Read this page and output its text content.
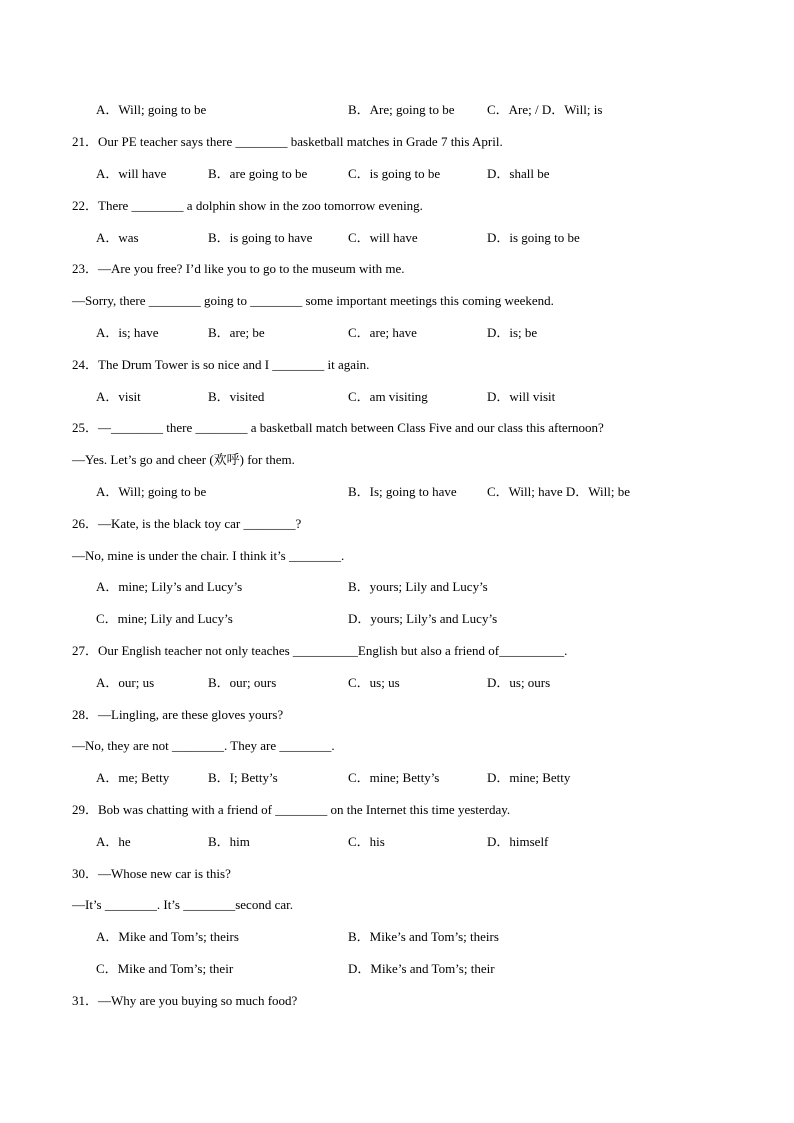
A．Will; going to be	B．Are; going to be C．Are; / D．Will; is
21．Our PE teacher says there ________ basketball matches in Grade 7 this April.
A．will have	B．are going to be	C．is going to be	D．shall be
22．There ________ a dolphin show in the zoo tomorrow evening.
A．was	B．is going to have	C．will have	D．is going to be
23．—Are you free? I’d like you to go to the museum with me.
—Sorry, there ________ going to ________ some important meetings this coming weekend.
A．is; have	B．are; be	C．are; have	D．is; be
24．The Drum Tower is so nice and I ________ it again.
A．visit	B．visited	C．am visiting	D．will visit
25．—________ there ________ a basketball match between Class Five and our class this afternoon?
—Yes. Let’s go and cheer (欢呼) for them.
A．Will; going to be	B．Is; going to have C．Will; have D．Will; be
26．—Kate, is the black toy car ________?
—No, mine is under the chair. I think it’s ________.
A．mine; Lily’s and Lucy’s	B．yours; Lily and Lucy’s
C．mine; Lily and Lucy’s	D．yours; Lily’s and Lucy’s
27．Our English teacher not only teaches __________English but also a friend of__________.
A．our; us	B．our; ours	C．us; us	D．us; ours
28．—Lingling, are these gloves yours?
—No, they are not ________. They are ________.
A．me; Betty	B．I; Betty’s	C．mine; Betty’s	D．mine; Betty
29．Bob was chatting with a friend of ________ on the Internet this time yesterday.
A．he	B．him	C．his	D．himself
30．—Whose new car is this?
—It’s ________. It’s ________second car.
A．Mike and Tom’s; theirs	B．Mike’s and Tom’s; theirs
C．Mike and Tom’s; their	D．Mike’s and Tom’s; their
31．—Why are you buying so much food?
